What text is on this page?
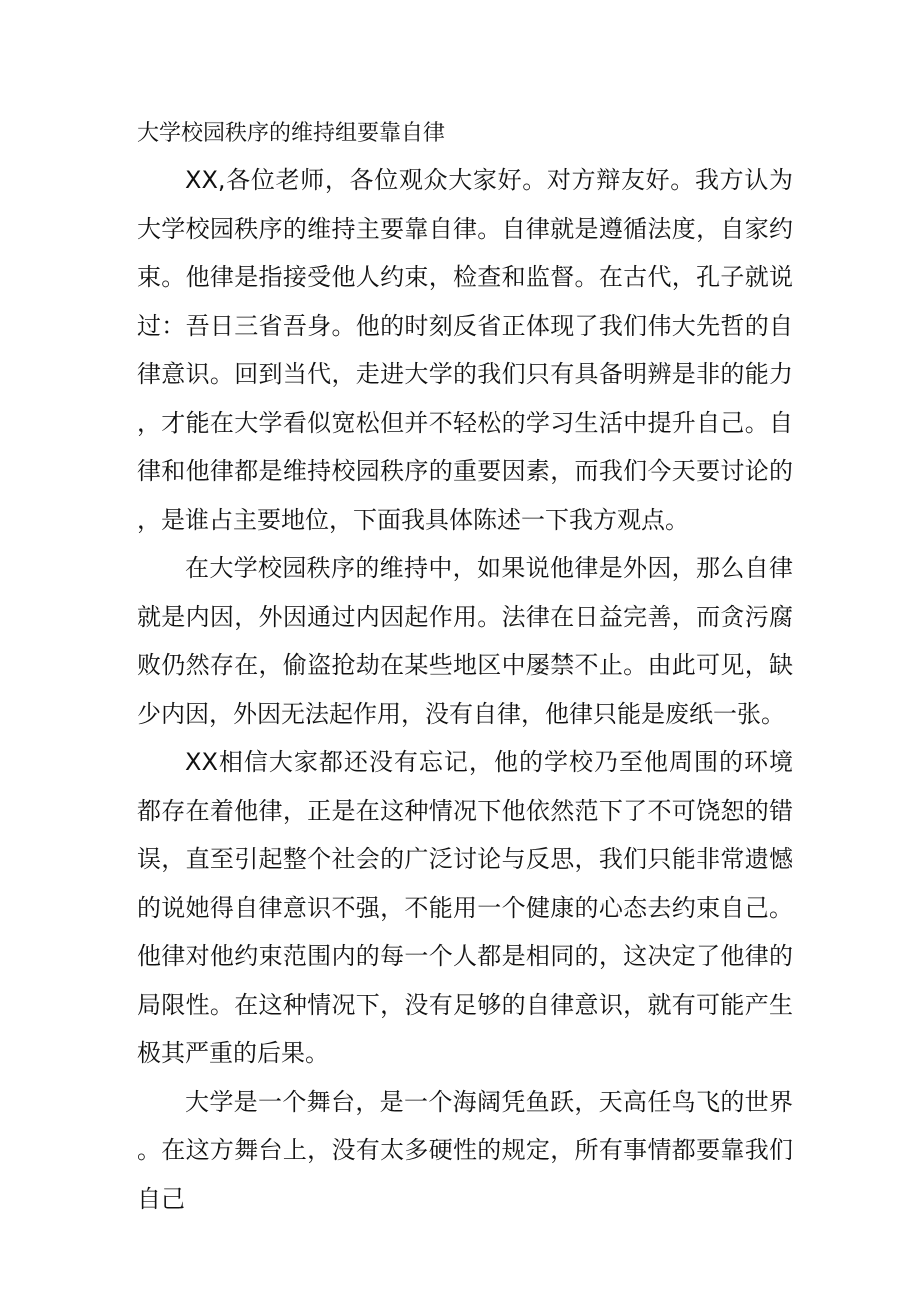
大学校园秩序的维持组要靠自律

XX,各位老师，各位观众大家好。对方辩友好。我方认为大学校园秩序的维持主要靠自律。自律就是遵循法度，自家约束。他律是指接受他人约束，检查和监督。在古代，孔子就说过：吾日三省吾身。他的时刻反省正体现了我们伟大先哲的自律意识。回到当代，走进大学的我们只有具备明辨是非的能力，才能在大学看似宽松但并不轻松的学习生活中提升自己。自律和他律都是维持校园秩序的重要因素，而我们今天要讨论的，是谁占主要地位，下面我具体陈述一下我方观点。

在大学校园秩序的维持中，如果说他律是外因，那么自律就是内因，外因通过内因起作用。法律在日益完善，而贪污腐败仍然存在，偷盗抢劫在某些地区中屡禁不止。由此可见，缺少内因，外因无法起作用，没有自律，他律只能是废纸一张。

XX相信大家都还没有忘记，他的学校乃至他周围的环境都存在着他律，正是在这种情况下他依然范下了不可饶恕的错误，直至引起整个社会的广泛讨论与反思，我们只能非常遗憾的说她得自律意识不强，不能用一个健康的心态去约束自己。他律对他约束范围内的每一个人都是相同的，这决定了他律的局限性。在这种情况下，没有足够的自律意识，就有可能产生极其严重的后果。

大学是一个舞台，是一个海阔凭鱼跃，天高任鸟飞的世界。在这方舞台上，没有太多硬性的规定，所有事情都要靠我们自己
